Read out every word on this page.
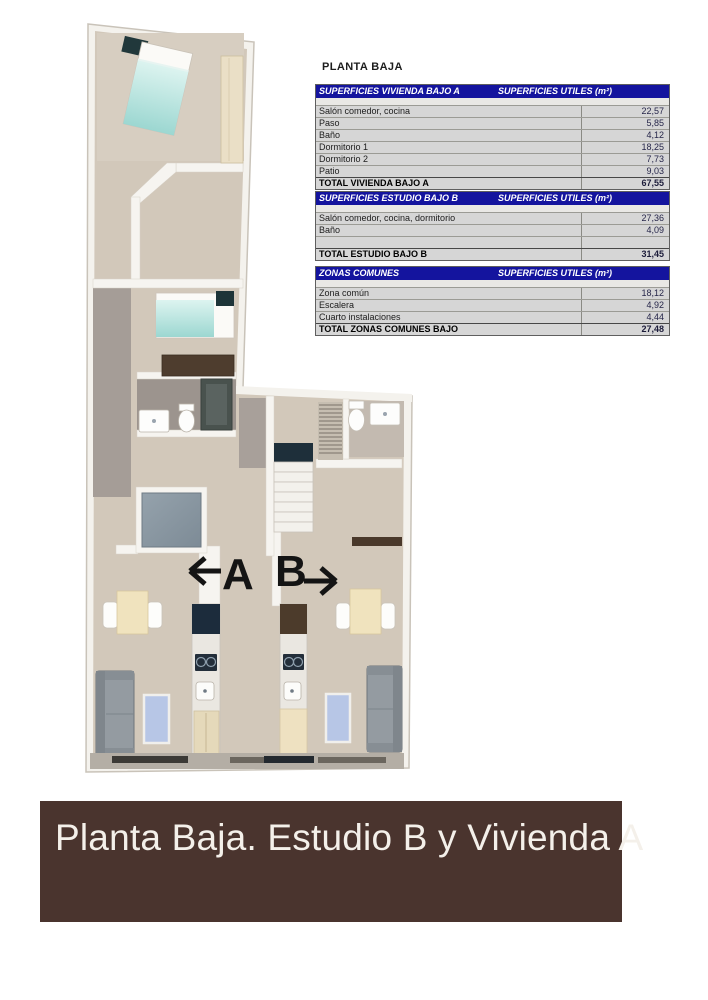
A B
PLANTA BAJA
SUPERFICIES VIVIENDA BAJO A	SUPERFICIES UTILES (m²)
Salón comedor, cocina	22,57
Paso	5,85
Baño	4,12
Dormitorio 1	18,25
Dormitorio 2	7,73
Patio	9,03
TOTAL VIVIENDA BAJO A	67,55
SUPERFICIES ESTUDIO BAJO B	SUPERFICIES UTILES (m²)
Salón comedor, cocina, dormitorio	27,36
Baño	4,09
TOTAL ESTUDIO BAJO B	31,45
ZONAS COMUNES	SUPERFICIES UTILES (m²)
Zona común	18,12
Escalera	4,92
Cuarto instalaciones	4,44
TOTAL ZONAS COMUNES BAJO	27,48
Planta Baja. Estudio B y Vivienda A
